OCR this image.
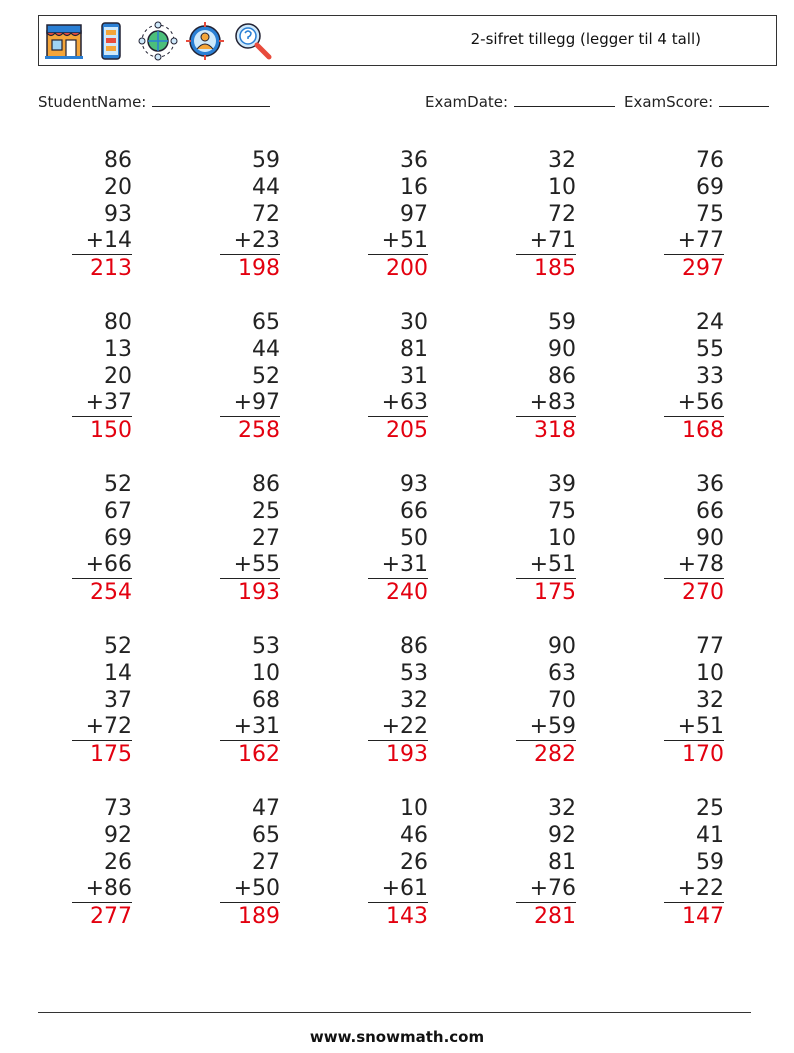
2-sifret tillegg (legger til 4 tall)
StudentName:	ExamDate:	ExamScore:
86
20
93
+14
213
59
44
72
+23
198
36
16
97
+51
200
32
10
72
+71
185
76
69
75
+77
297
80
13
20
+37
150
65
44
52
+97
258
30
81
31
+63
205
59
90
86
+83
318
24
55
33
+56
168
52
67
69
+66
254
86
25
27
+55
193
93
66
50
+31
240
39
75
10
+51
175
36
66
90
+78
270
52
14
37
+72
175
53
10
68
+31
162
86
53
32
+22
193
90
63
70
+59
282
77
10
32
+51
170
73
92
26
+86
277
47
65
27
+50
189
10
46
26
+61
143
32
92
81
+76
281
25
41
59
+22
147
www.snowmath.com
